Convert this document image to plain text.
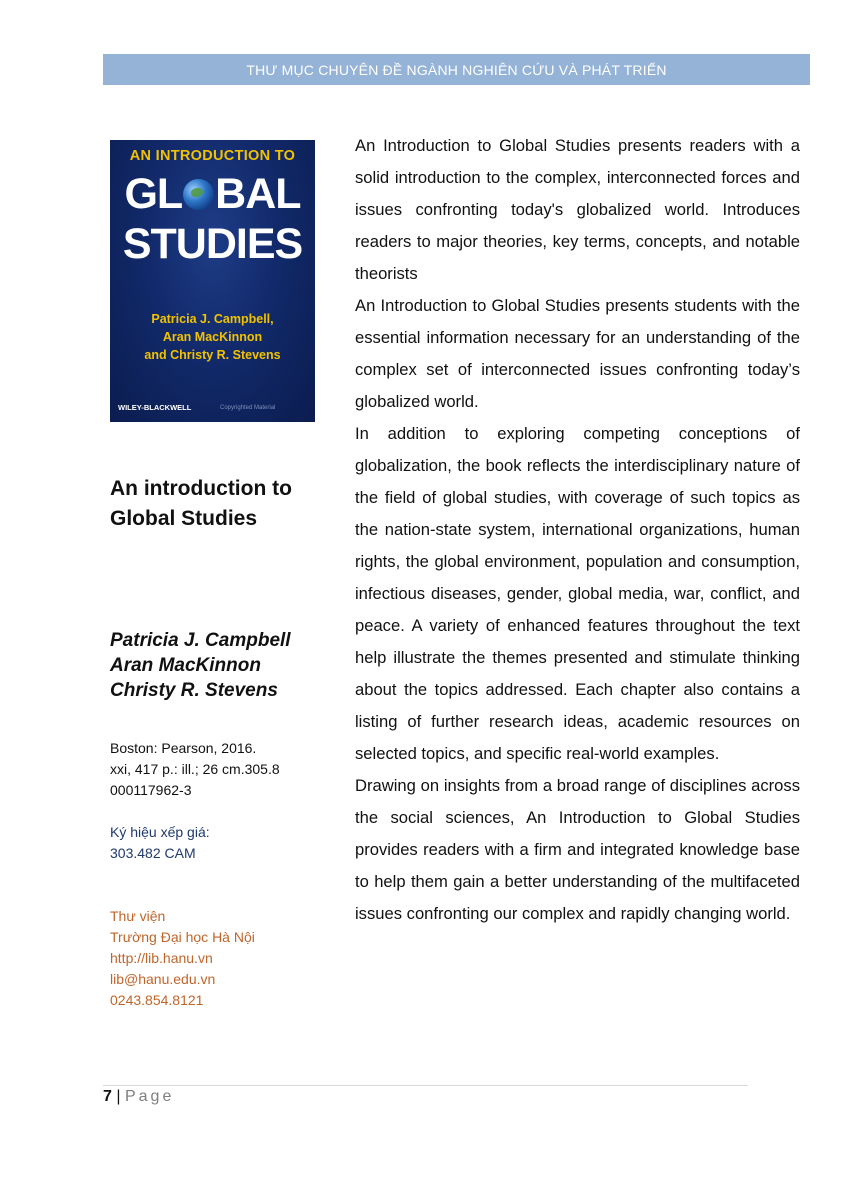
THƯ MỤC CHUYÊN ĐỀ NGÀNH NGHIÊN CỨU VÀ PHÁT TRIỂN
AN INTRODUCTION TO
GL BAL
STUDIES
Patricia J. Campbell,
Aran MacKinnon
and Christy R. Stevens
WILEY-BLACKWELL	Copyrighted Material
An introduction to Global Studies
Patricia J. Campbell
Aran MacKinnon
Christy R. Stevens
Boston: Pearson, 2016.
xxi, 417 p.: ill.; 26 cm.305.8
000117962-3
Ký hiệu xếp giá:
303.482 CAM
Thư viện
Trường Đại học Hà Nội
http://lib.hanu.vn
lib@hanu.edu.vn
0243.854.8121

An Introduction to Global Studies presents readers with a solid introduction to the complex, interconnected forces and issues confronting today's globalized world. Introduces readers to major theories, key terms, concepts, and notable theorists

An Introduction to Global Studies presents students with the essential information necessary for an understanding of the complex set of interconnected issues confronting today’s globalized world.

In addition to exploring competing conceptions of globalization, the book reflects the interdisciplinary nature of the field of global studies, with coverage of such topics as the nation-state system, international organizations, human rights, the global environment, population and consumption, infectious diseases, gender, global media, war, conflict, and peace. A variety of enhanced features throughout the text help illustrate the themes presented and stimulate thinking about the topics addressed. Each chapter also contains a listing of further research ideas, academic resources on selected topics, and specific real-world examples.

Drawing on insights from a broad range of disciplines across the social sciences, An Introduction to Global Studies provides readers with a firm and integrated knowledge base to help them gain a better understanding of the multifaceted issues confronting our complex and rapidly changing world.

7 | Page
